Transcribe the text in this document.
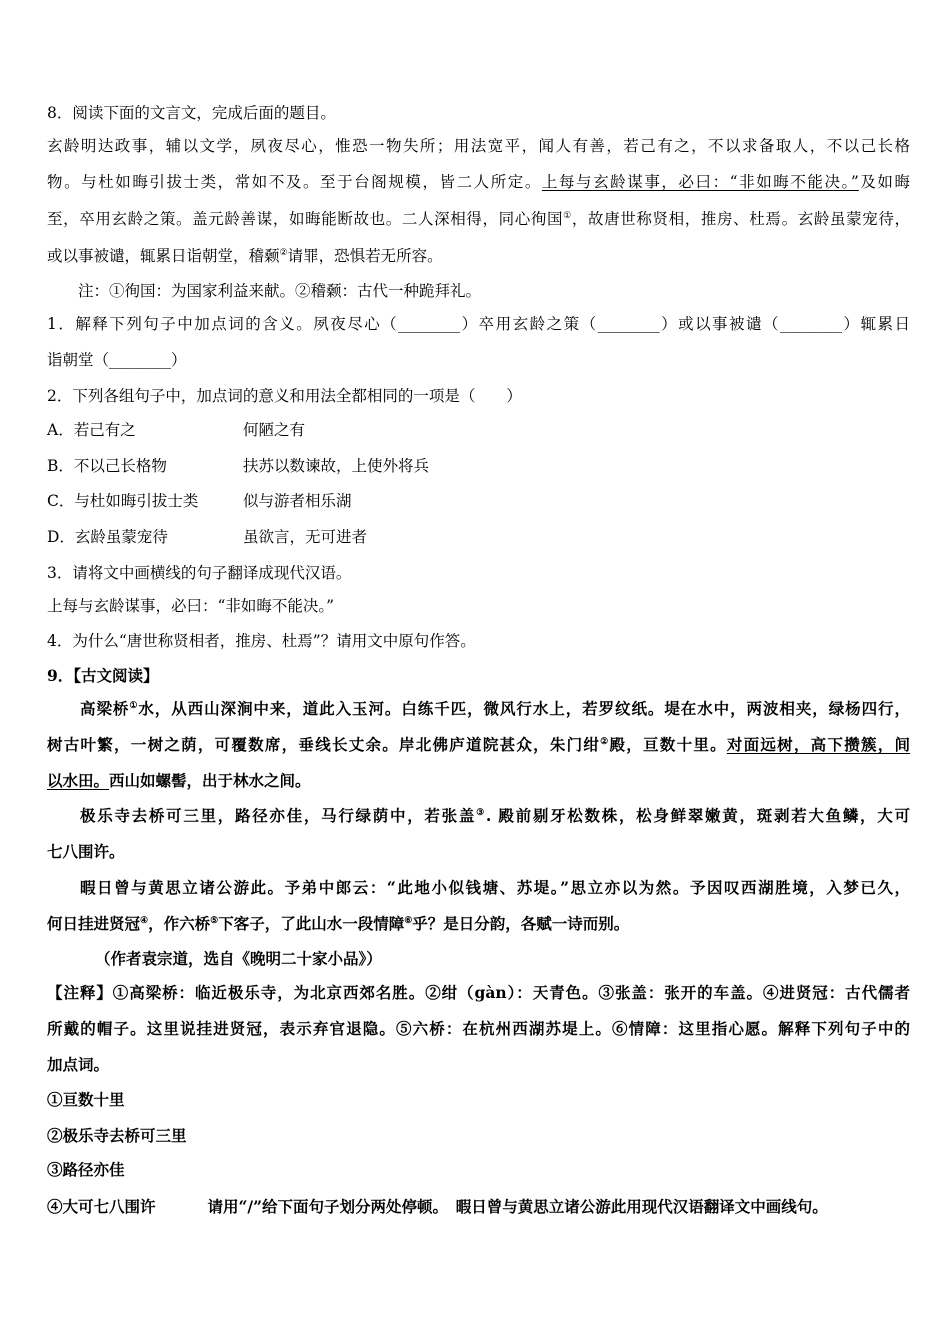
8．阅读下面的文言文，完成后面的题目。
玄龄明达政事，辅以文学，夙夜尽心，惟恐一物失所；用法宽平，闻人有善，若己有之，不以求备取人，不以己长格
物。与杜如晦引拔士类，常如不及。至于台阁规模，皆二人所定。上每与玄龄谋事，必曰：“非如晦不能决。”及如晦
至，卒用玄龄之策。盖元龄善谋，如晦能断故也。二人深相得，同心徇国①，故唐世称贤相，推房、杜焉。玄龄虽蒙宠待，
或以事被谴，辄累日诣朝堂，稽颡②请罪，恐惧若无所容。
注：①徇国：为国家利益来献。②稽颡：古代一种跪拜礼。
1．解释下列句子中加点词的含义。夙夜尽心（________）卒用玄龄之策（________）或以事被谴（________）辄累日
诣朝堂（________）
2．下列各组句子中，加点词的意义和用法全都相同的一项是（　　）
A．若己有之	何陋之有
B．不以己长格物	扶苏以数谏故，上使外将兵
C．与杜如晦引拔士类	似与游者相乐湖
D．玄龄虽蒙宠待	虽欲言，无可进者
3．请将文中画横线的句子翻译成现代汉语。
上每与玄龄谋事，必曰：“非如晦不能决。”
4．为什么“唐世称贤相者，推房、杜焉”？请用文中原句作答。
9．【古文阅读】
高梁桥①水，从西山深涧中来，道此入玉河。白练千匹，微风行水上，若罗纹纸。堤在水中，两波相夹，绿杨四行，
树古叶繁，一树之荫，可覆数席，垂线长丈余。岸北佛庐道院甚众，朱门绀②殿，亘数十里。对面远树，高下攒簇，间
以水田。西山如螺髻，出于林水之间。
极乐寺去桥可三里，路径亦佳，马行绿荫中，若张盖③. 殿前剔牙松数株，松身鲜翠嫩黄，斑剥若大鱼鳞，大可
七八围许。
暇日曾与黄思立诸公游此。予弟中郎云：“此地小似钱塘、苏堤。”思立亦以为然。予因叹西湖胜境，入梦已久，
何日挂进贤冠④，作六桥⑤下客子，了此山水一段情障⑥乎？是日分韵，各赋一诗而别。
（作者袁宗道，选自《晚明二十家小品》）
【注释】①高梁桥：临近极乐寺，为北京西郊名胜。②绀（gàn）：天青色。③张盖：张开的车盖。④进贤冠：古代儒者
所戴的帽子。这里说挂进贤冠，表示弃官退隐。⑤六桥：在杭州西湖苏堤上。⑥情障：这里指心愿。解释下列句子中的
加点词。
①亘数十里
②极乐寺去桥可三里
③路径亦佳
④大可七八围许	请用“/”给下面句子划分两处停顿。　暇日曾与黄思立诸公游此用现代汉语翻译文中画线句。
